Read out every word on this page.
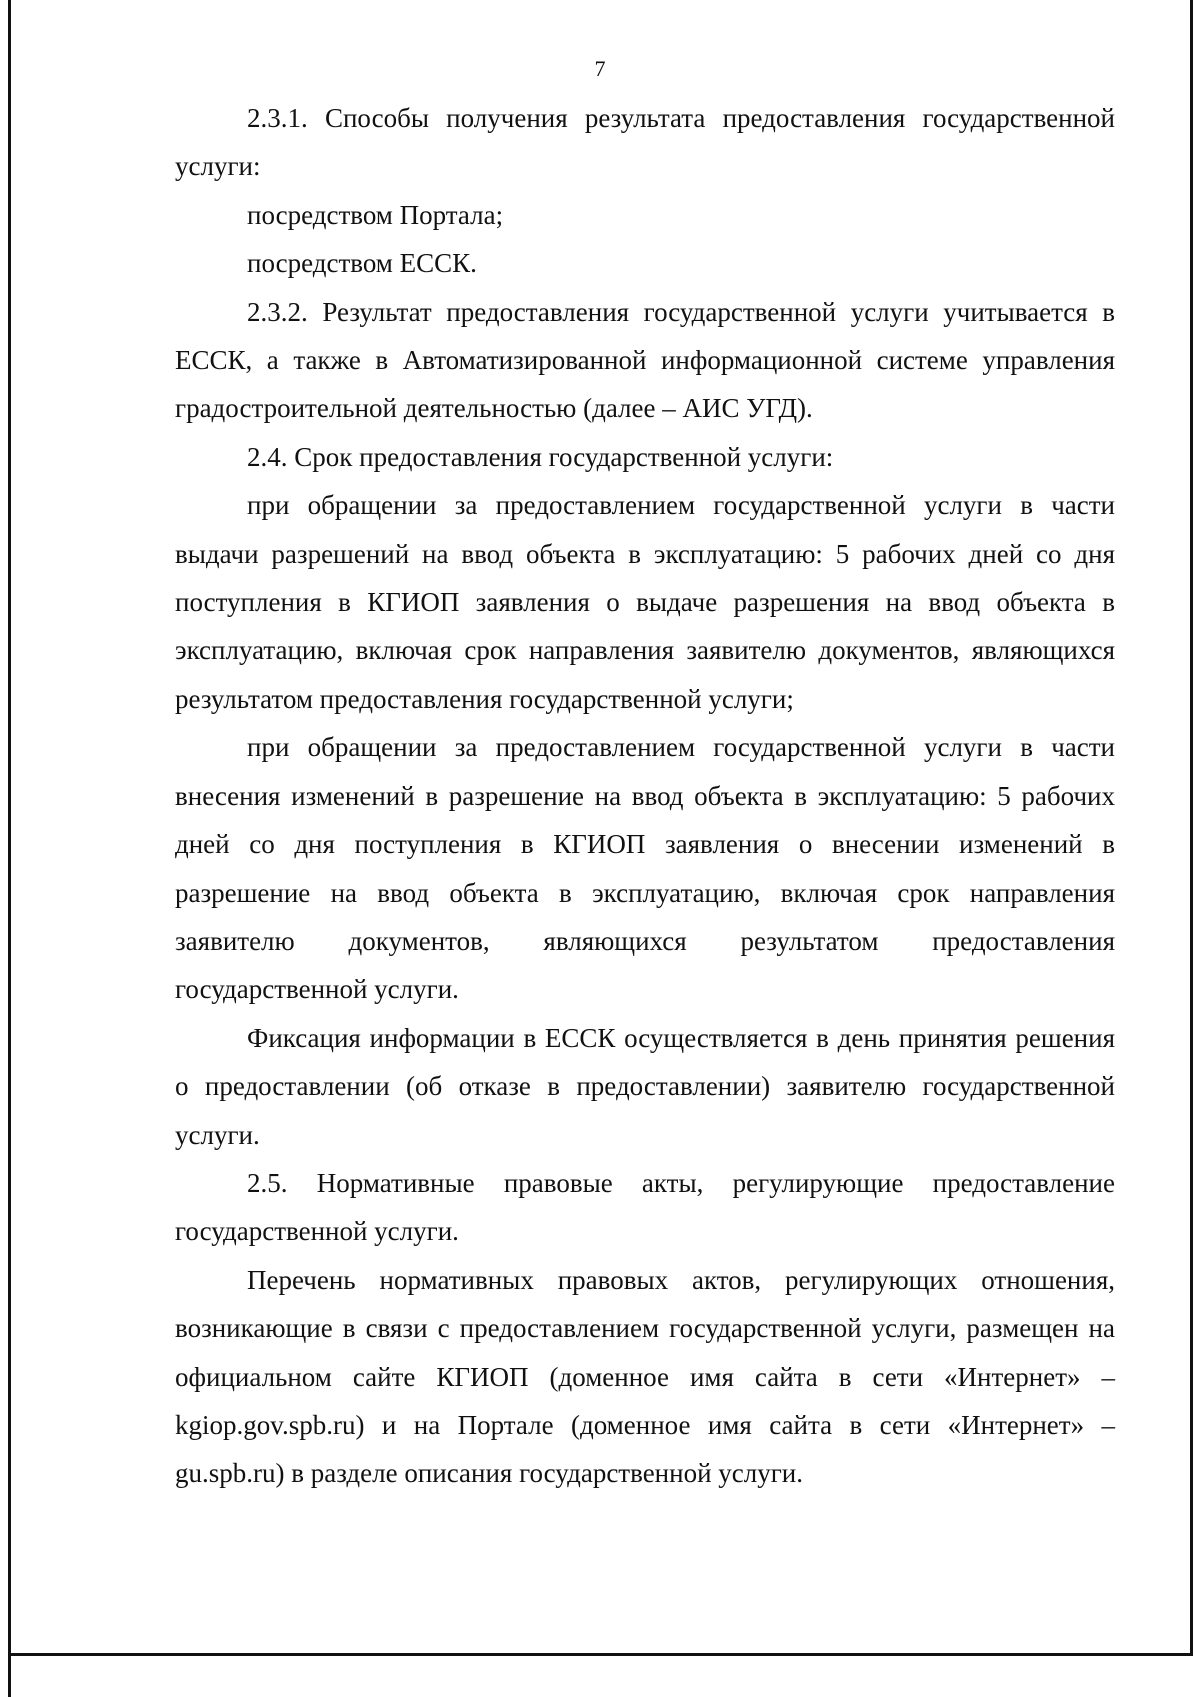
7

2.3.1. Способы получения результата предоставления государственной услуги:

посредством Портала;

посредством ЕССК.

2.3.2. Результат предоставления государственной услуги учитывается в ЕССК, а также в Автоматизированной информационной системе управления градостроительной деятельностью (далее – АИС УГД).

2.4. Срок предоставления государственной услуги:

при обращении за предоставлением государственной услуги в части выдачи разрешений на ввод объекта в эксплуатацию: 5 рабочих дней со дня поступления в КГИОП заявления о выдаче разрешения на ввод объекта в эксплуатацию, включая срок направления заявителю документов, являющихся результатом предоставления государственной услуги;

при обращении за предоставлением государственной услуги в части внесения изменений в разрешение на ввод объекта в эксплуатацию: 5 рабочих дней со дня поступления в КГИОП заявления о внесении изменений в разрешение на ввод объекта в эксплуатацию, включая срок направления заявителю документов, являющихся результатом предоставления государственной услуги.

Фиксация информации в ЕССК осуществляется в день принятия решения о предоставлении (об отказе в предоставлении) заявителю государственной услуги.

2.5. Нормативные правовые акты, регулирующие предоставление государственной услуги.

Перечень нормативных правовых актов, регулирующих отношения, возникающие в связи с предоставлением государственной услуги, размещен на официальном сайте КГИОП (доменное имя сайта в сети «Интернет» – kgiop.gov.spb.ru) и на Портале (доменное имя сайта в сети «Интернет» – gu.spb.ru) в разделе описания государственной услуги.
